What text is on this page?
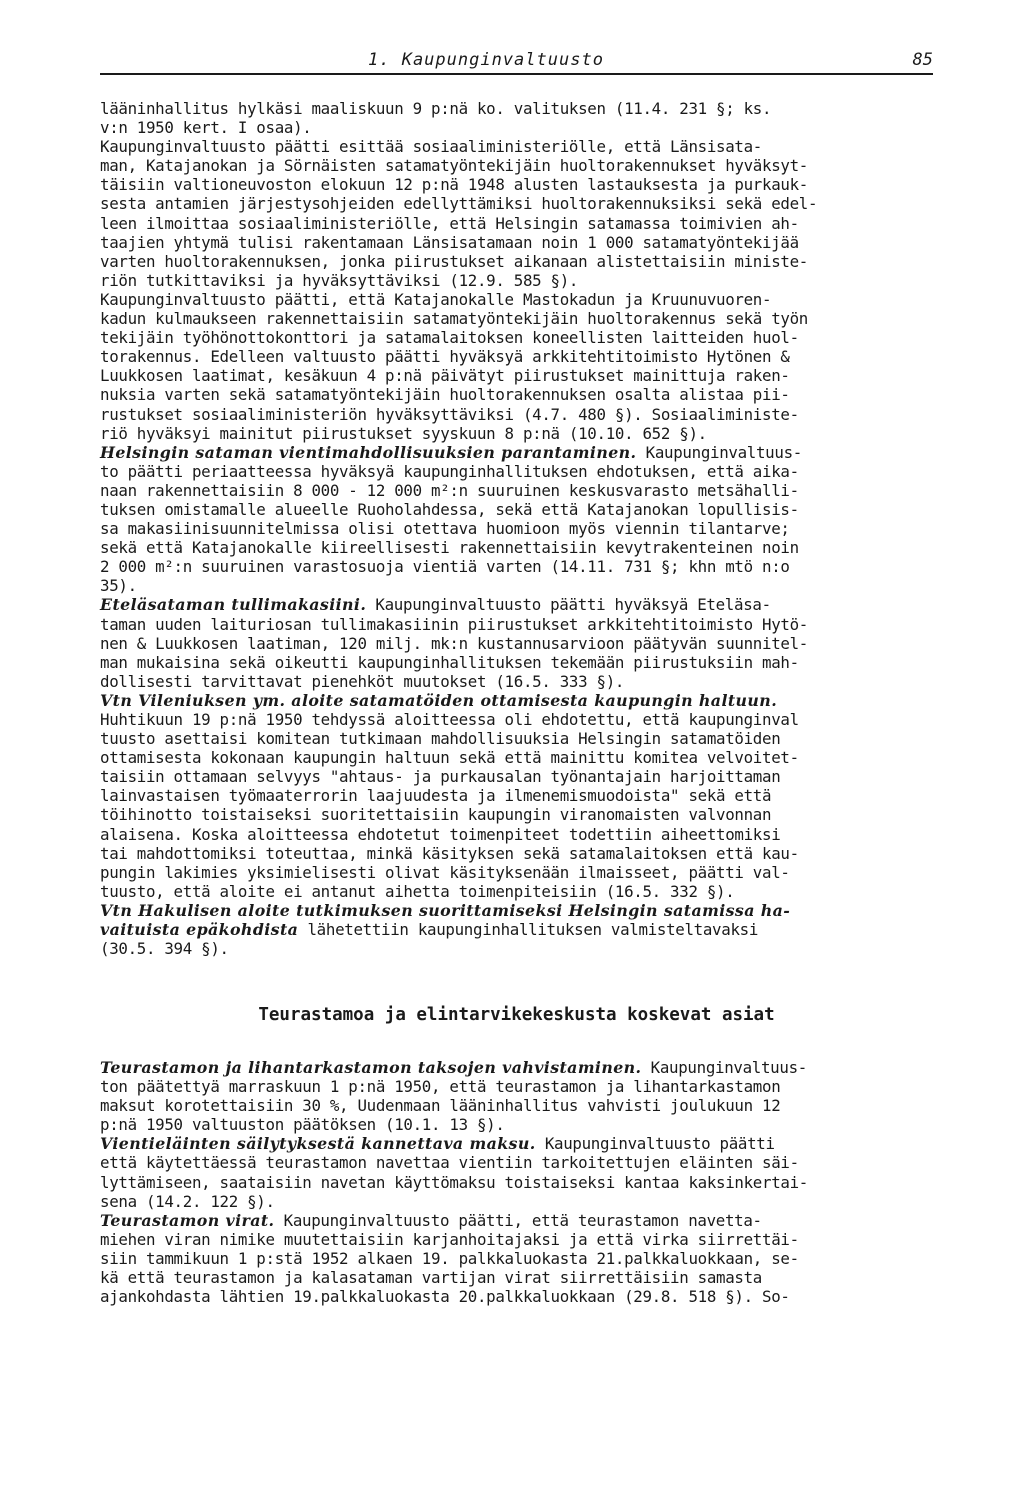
1. Kaupunginvaltuusto	85
lääninhallitus hylkäsi maaliskuun 9 p:nä ko. valituksen (11.4. 231 §; ks.
v:n 1950 kert. I osaa).
Kaupunginvaltuusto päätti esittää sosiaaliministeriölle, että Länsisata-
man, Katajanokan ja Sörnäisten satamatyöntekijäin huoltorakennukset hyväksyt-
täisiin valtioneuvoston elokuun 12 p:nä 1948 alusten lastauksesta ja purkauk-
sesta antamien järjestysohjeiden edellyttämiksi huoltorakennuksiksi sekä edel-
leen ilmoittaa sosiaaliministeriölle, että Helsingin satamassa toimivien ah-
taajien yhtymä tulisi rakentamaan Länsisatamaan noin 1 000 satamatyöntekijää
varten huoltorakennuksen, jonka piirustukset aikanaan alistettaisiin ministe-
riön tutkittaviksi ja hyväksyttäviksi (12.9. 585 §).
Kaupunginvaltuusto päätti, että Katajanokalle Mastokadun ja Kruunuvuoren-
kadun kulmaukseen rakennettaisiin satamatyöntekijäin huoltorakennus sekä työn
tekijäin työhönottokonttori ja satamalaitoksen koneellisten laitteiden huol-
torakennus. Edelleen valtuusto päätti hyväksyä arkkitehtitoimisto Hytönen &
Luukkosen laatimat, kesäkuun 4 p:nä päivätyt piirustukset mainittuja raken-
nuksia varten sekä satamatyöntekijäin huoltorakennuksen osalta alistaa pii-
rustukset sosiaaliministeriön hyväksyttäviksi (4.7. 480 §). Sosiaaliministe-
riö hyväksyi mainitut piirustukset syyskuun 8 p:nä (10.10. 652 §).
Helsingin sataman vientimahdollisuuksien parantaminen. Kaupunginvaltuus-
to päätti periaatteessa hyväksyä kaupunginhallituksen ehdotuksen, että aika-
naan rakennettaisiin 8 000 - 12 000 m²:n suuruinen keskusvarasto metsähalli-
tuksen omistamalle alueelle Ruoholahdessa, sekä että Katajanokan lopullisis-
sa makasiinisuunnitelmissa olisi otettava huomioon myös viennin tilantarve;
sekä että Katajanokalle kiireellisesti rakennettaisiin kevytrakenteinen noin
2 000 m²:n suuruinen varastosuoja vientiä varten (14.11. 731 §; khn mtö n:o
35).
Eteläsataman tullimakasiini. Kaupunginvaltuusto päätti hyväksyä Eteläsa-
taman uuden laituriosan tullimakasiinin piirustukset arkkitehtitoimisto Hytö-
nen & Luukkosen laatiman, 120 milj. mk:n kustannusarvioon päätyvän suunnitel-
man mukaisina sekä oikeutti kaupunginhallituksen tekemään piirustuksiin mah-
dollisesti tarvittavat pienehköt muutokset (16.5. 333 §).
Vtn Vileniuksen ym. aloite satamatöiden ottamisesta kaupungin haltuun.
Huhtikuun 19 p:nä 1950 tehdyssä aloitteessa oli ehdotettu, että kaupunginval
tuusto asettaisi komitean tutkimaan mahdollisuuksia Helsingin satamatöiden
ottamisesta kokonaan kaupungin haltuun sekä että mainittu komitea velvoitet-
taisiin ottamaan selvyys "ahtaus- ja purkausalan työnantajain harjoittaman
lainvastaisen työmaaterrorin laajuudesta ja ilmenemismuodoista" sekä että
töihinotto toistaiseksi suoritettaisiin kaupungin viranomaisten valvonnan
alaisena. Koska aloitteessa ehdotetut toimenpiteet todettiin aiheettomiksi
tai mahdottomiksi toteuttaa, minkä käsityksen sekä satamalaitoksen että kau-
pungin lakimies yksimielisesti olivat käsityksenään ilmaisseet, päätti val-
tuusto, että aloite ei antanut aihetta toimenpiteisiin (16.5. 332 §).
Vtn Hakulisen aloite tutkimuksen suorittamiseksi Helsingin satamissa ha-
vaituista epäkohdista lähetettiin kaupunginhallituksen valmisteltavaksi
(30.5. 394 §).
Teurastamoa ja elintarvikekeskusta koskevat asiat
Teurastamon ja lihantarkastamon taksojen vahvistaminen. Kaupunginvaltuus-
ton päätettyä marraskuun 1 p:nä 1950, että teurastamon ja lihantarkastamon
maksut korotettaisiin 30 %, Uudenmaan lääninhallitus vahvisti joulukuun 12
p:nä 1950 valtuuston päätöksen (10.1. 13 §).
Vientieläinten säilytyksestä kannettava maksu. Kaupunginvaltuusto päätti
että käytettäessä teurastamon navettaa vientiin tarkoitettujen eläinten säi-
lyttämiseen, saataisiin navetan käyttömaksu toistaiseksi kantaa kaksinkertai-
sena (14.2. 122 §).
Teurastamon virat. Kaupunginvaltuusto päätti, että teurastamon navetta-
miehen viran nimike muutettaisiin karjanhoitajaksi ja että virka siirrettäi-
siin tammikuun 1 p:stä 1952 alkaen 19. palkkaluokasta 21.palkkaluokkaan, se-
kä että teurastamon ja kalasataman vartijan virat siirrettäisiin samasta
ajankohdasta lähtien 19.palkkaluokasta 20.palkkaluokkaan (29.8. 518 §). So-
